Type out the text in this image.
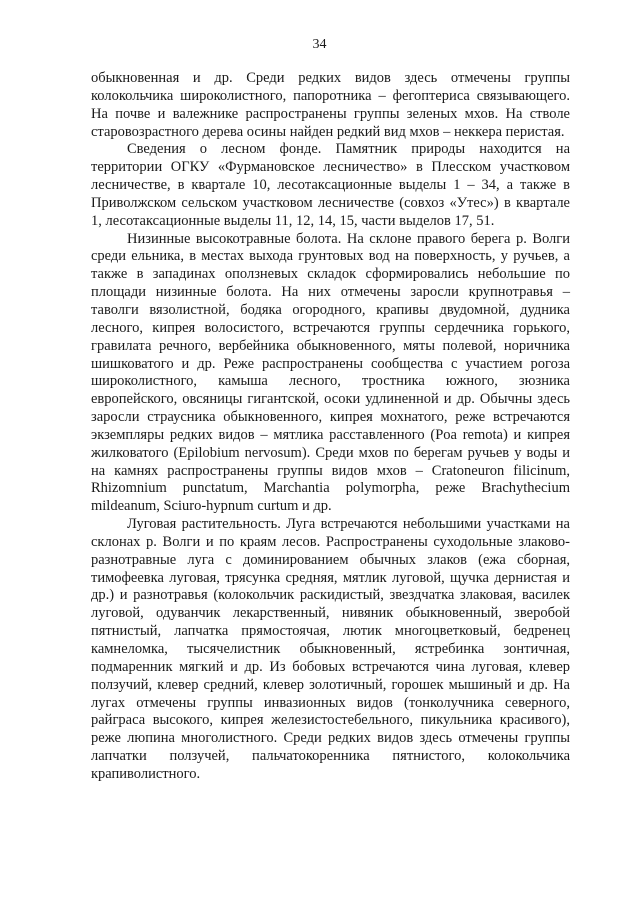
34

обыкновенная и др. Среди редких видов здесь отмечены группы колокольчика широколистного, папоротника – фегоптериса связывающего. На почве и валежнике распространены группы зеленых мхов. На стволе старовозрастного дерева осины найден редкий вид мхов – неккера перистая.

Сведения о лесном фонде. Памятник природы находится на территории ОГКУ «Фурмановское лесничество» в Плесском участковом лесничестве, в квартале 10, лесотаксационные выделы 1 – 34, а также в Приволжском сельском участковом лесничестве (совхоз «Утес») в квартале 1, лесотаксационные выделы 11, 12, 14, 15, части выделов 17, 51.

Низинные высокотравные болота. На склоне правого берега р. Волги среди ельника, в местах выхода грунтовых вод на поверхность, у ручьев, а также в западинах оползневых складок сформировались небольшие по площади низинные болота. На них отмечены заросли крупнотравья – таволги вязолистной, бодяка огородного, крапивы двудомной, дудника лесного, кипрея волосистого, встречаются группы сердечника горького, гравилата речного, вербейника обыкновенного, мяты полевой, норичника шишковатого и др. Реже распространены сообщества с участием рогоза широколистного, камыша лесного, тростника южного, зюзника европейского, овсяницы гигантской, осоки удлиненной и др. Обычны здесь заросли страусника обыкновенного, кипрея мохнатого, реже встречаются экземпляры редких видов – мятлика расставленного (Poa remota) и кипрея жилковатого (Epilobium nervosum). Среди мхов по берегам ручьев у воды и на камнях распространены группы видов мхов – Cratoneuron filicinum, Rhizomnium punctatum, Marchantia polymorpha, реже Brachythecium mildeanum, Sciuro-hypnum curtum и др.

Луговая растительность. Луга встречаются небольшими участками на склонах р. Волги и по краям лесов. Распространены суходольные злаково-разнотравные луга с доминированием обычных злаков (ежа сборная, тимофеевка луговая, трясунка средняя, мятлик луговой, щучка дернистая и др.) и разнотравья (колокольчик раскидистый, звездчатка злаковая, василек луговой, одуванчик лекарственный, нивяник обыкновенный, зверобой пятнистый, лапчатка прямостоячая, лютик многоцветковый, бедренец камнеломка, тысячелистник обыкновенный, ястребинка зонтичная, подмаренник мягкий и др. Из бобовых встречаются чина луговая, клевер ползучий, клевер средний, клевер золотичный, горошек мышиный и др. На лугах отмечены группы инвазионных видов (тонколучника северного, райграса высокого, кипрея железистостебельного, пикульника красивого), реже люпина многолистного. Среди редких видов здесь отмечены группы лапчатки ползучей, пальчатокоренника пятнистого, колокольчика крапиволистного.
